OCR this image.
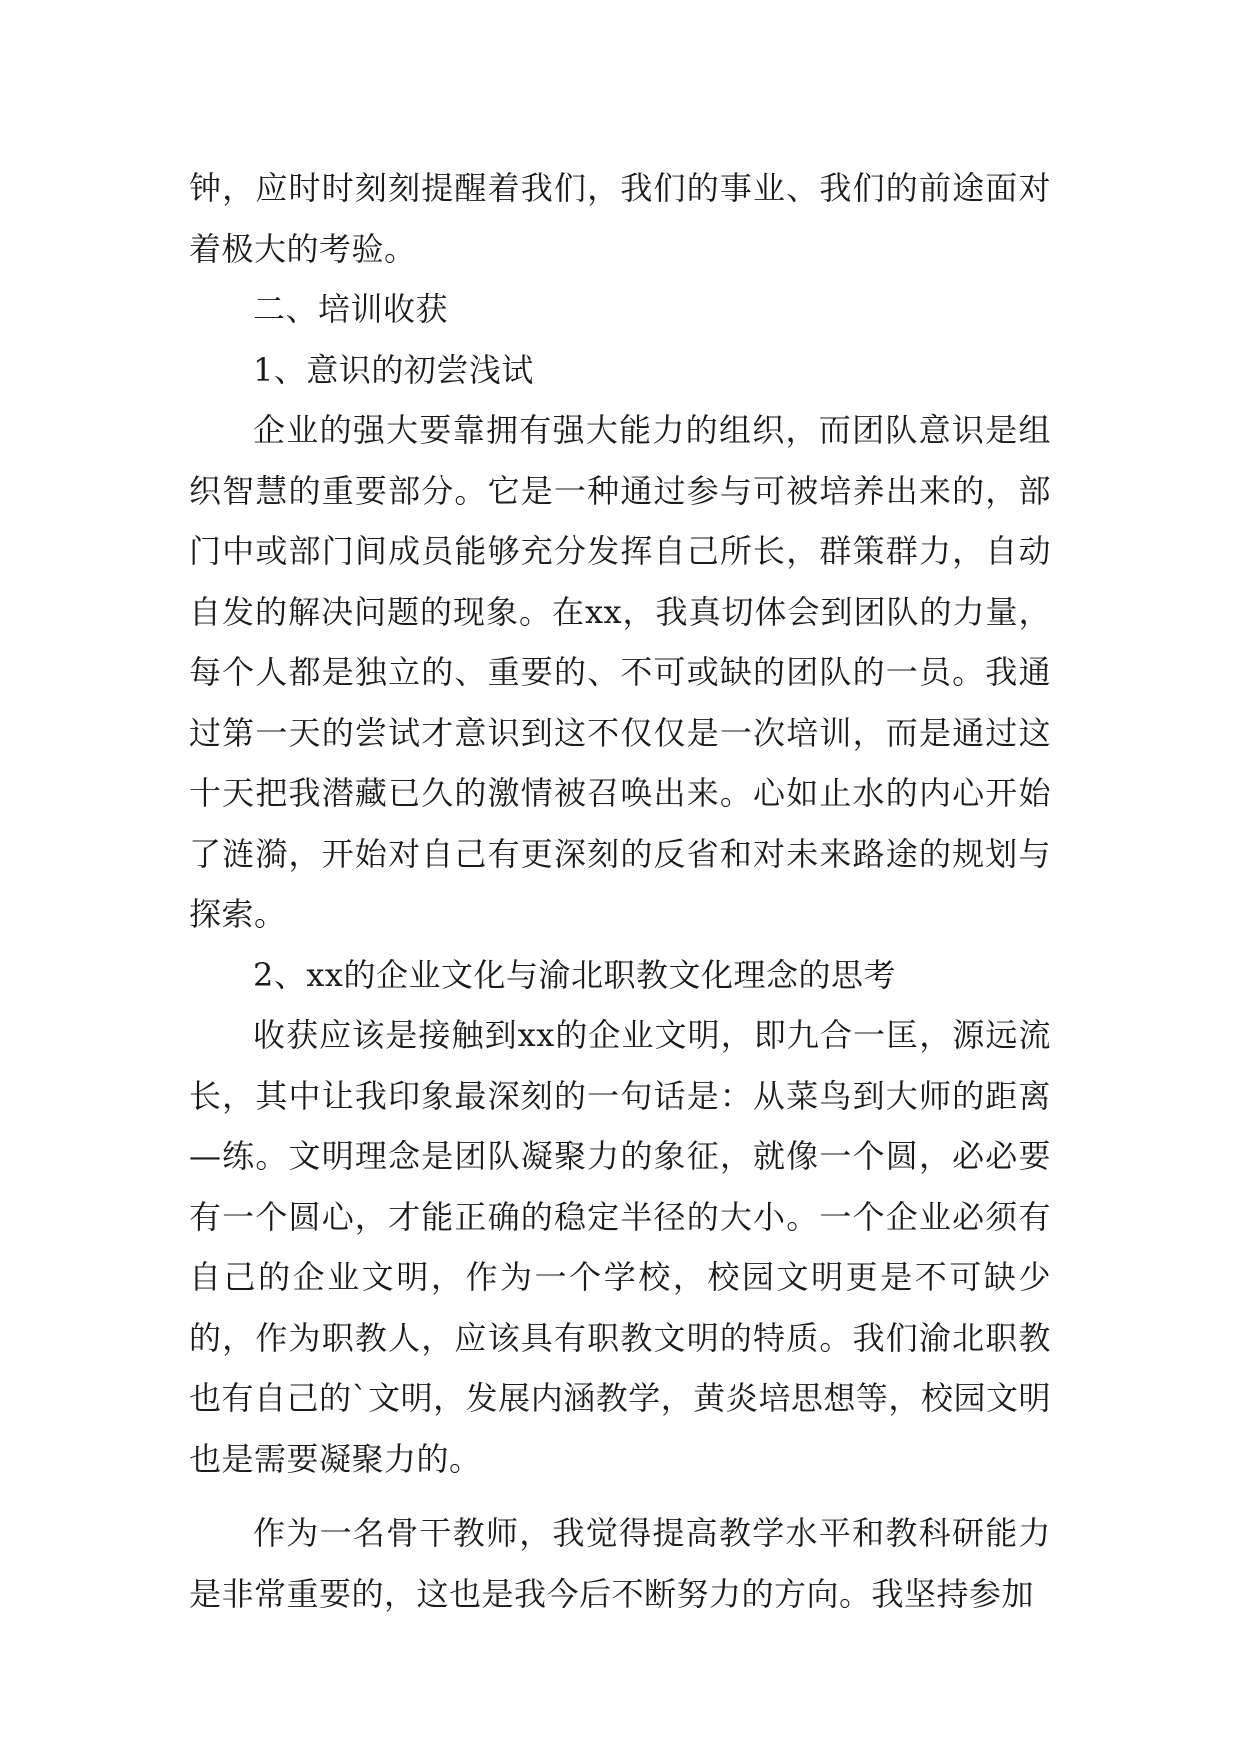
钟，应时时刻刻提醒着我们，我们的事业、我们的前途面对着极大的考验。

二、培训收获

1、意识的初尝浅试

企业的强大要靠拥有强大能力的组织，而团队意识是组织智慧的重要部分。它是一种通过参与可被培养出来的，部门中或部门间成员能够充分发挥自己所长，群策群力，自动自发的解决问题的现象。在xx，我真切体会到团队的力量，每个人都是独立的、重要的、不可或缺的团队的一员。我通过第一天的尝试才意识到这不仅仅是一次培训，而是通过这十天把我潜藏已久的激情被召唤出来。心如止水的内心开始了涟漪，开始对自己有更深刻的反省和对未来路途的规划与探索。

2、xx的企业文化与渝北职教文化理念的思考

收获应该是接触到xx的企业文明，即九合一匡，源远流长，其中让我印象最深刻的一句话是：从菜鸟到大师的距离—练。文明理念是团队凝聚力的象征，就像一个圆，必必要有一个圆心，才能正确的稳定半径的大小。一个企业必须有自己的企业文明，作为一个学校，校园文明更是不可缺少的，作为职教人，应该具有职教文明的特质。我们渝北职教也有自己的`文明，发展内涵教学，黄炎培思想等，校园文明也是需要凝聚力的。

作为一名骨干教师，我觉得提高教学水平和教科研能力是非常重要的，这也是我今后不断努力的方向。我坚持参加
